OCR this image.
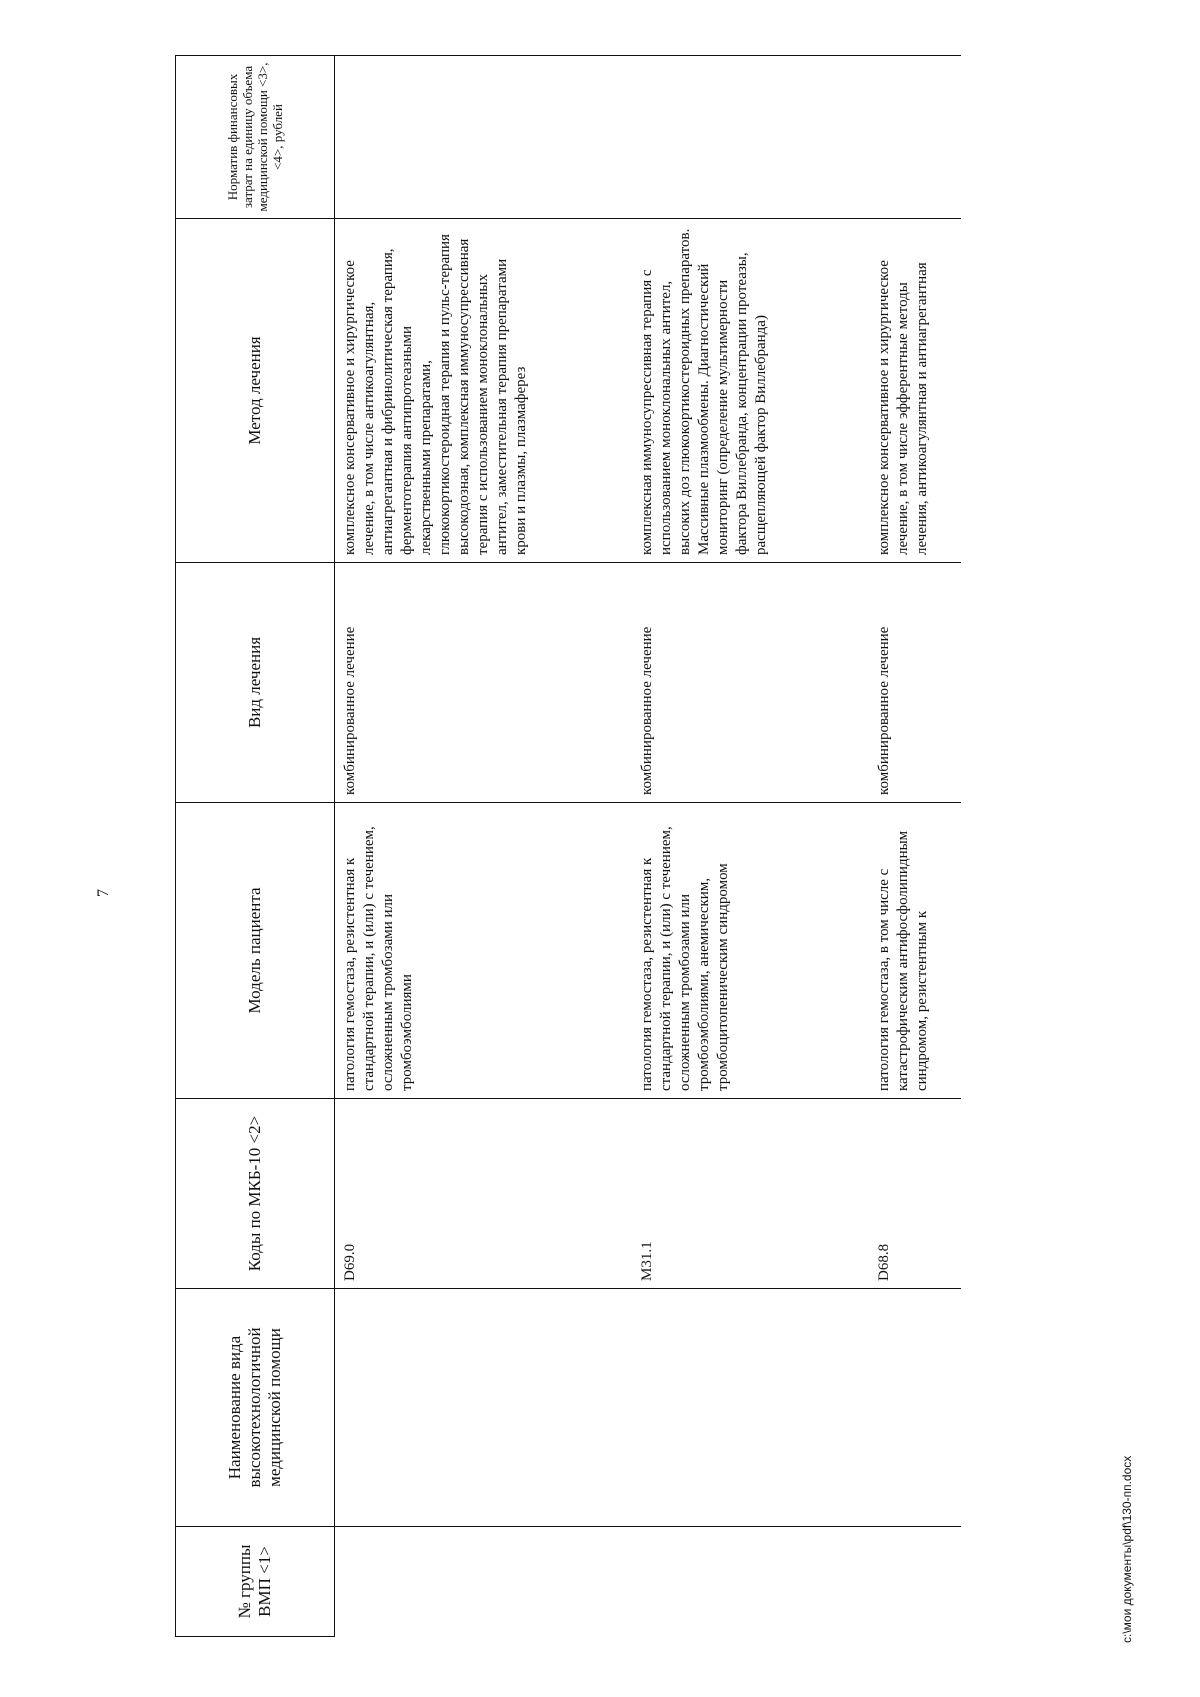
7
№ группы ВМП <1>	Наименование вида высокотехнологичной медицинской помощи	Коды по МКБ-10 <2>	Модель пациента	Вид лечения	Метод лечения	Норматив финансовых затрат на единицу объема медицинской помощи <3>, <4>, рублей
		D69.0	патология гемостаза, резистентная к стандартной терапии, и (или) с течением, осложненным тромбозами или тромбоэмболиями	комбинированное лечение	комплексное консервативное и хирургическое лечение, в том числе антикоагулянтная, антиагрегантная и фибринолитическая терапия, ферментотерапия антипротеазными лекарственными препаратами, глюкокортикостероидная терапия и пульс-терапия высокодозная, комплексная иммуносупрессивная терапия с использованием моноклональных антител, заместительная терапия препаратами крови и плазмы, плазмаферез	
		M31.1	патология гемостаза, резистентная к стандартной терапии, и (или) с течением, осложненным тромбозами или тромбоэмболиями, анемическим, тромбоцитопеническим синдромом	комбинированное лечение	комплексная иммуносупрессивная терапия с использованием моноклональных антител, высоких доз глюкокортикостероидных препаратов. Массивные плазмообмены. Диагностический мониторинг (определение мультимерности фактора Виллебранда, концентрации протеазы, расщепляющей фактор Виллебранда)	
		D68.8	патология гемостаза, в том числе с катастрофическим антифосфолипидным синдромом, резистентным к	комбинированное лечение	комплексное консервативное и хирургическое лечение, в том числе эфферентные методы лечения, антикоагулянтная и антиагрегантная	
c:\мои документы\pdf\130-пп.docx
